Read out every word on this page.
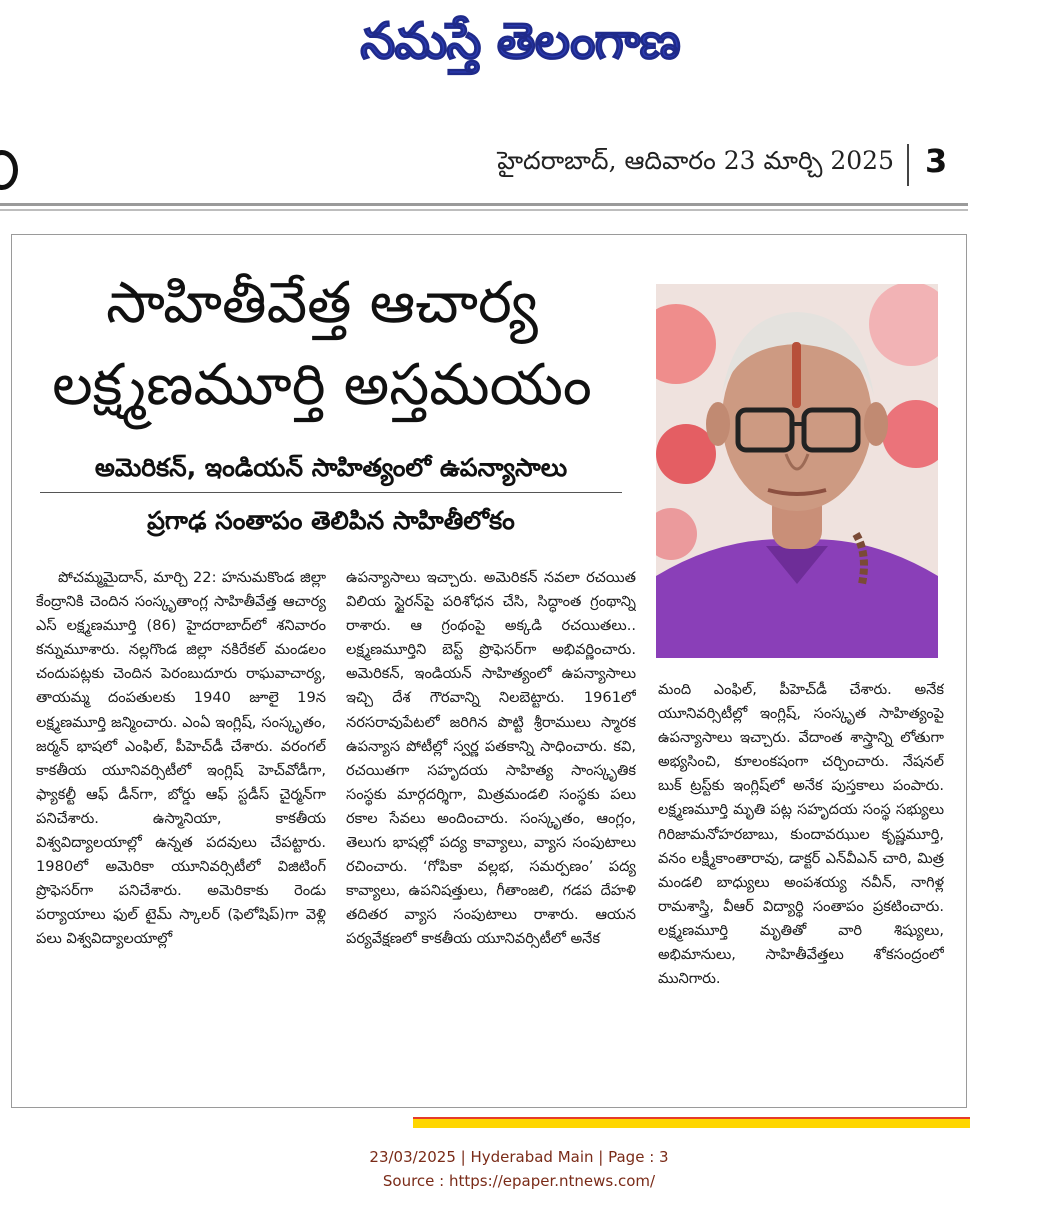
నమస్తే తెలంగాణ
హైదరాబాద్‌, ఆదివారం 23 మార్చి 2025 3
సాహితీవేత్త ఆచార్య
లక్ష్మణమూర్తి అస్తమయం
అమెరికన్‌, ఇండియన్‌ సాహిత్యంలో ఉపన్యాసాలు
ప్రగాఢ సంతాపం తెలిపిన సాహితీలోకం
పోచమ్మమైదాన్‌, మార్చి 22: హనుమకొండ జిల్లా కేంద్రానికి చెందిన సంస్కృతాంగ్ల సాహితీవేత్త ఆచార్య ఎస్‌ లక్ష్మణమూర్తి (86) హైదరాబాద్‌లో శనివారం కన్నుమూశారు. నల్లగొండ జిల్లా నకిరేకల్‌ మండలం చందుపట్లకు చెందిన పెరంబుదూరు రాఘవాచార్య, తాయమ్మ దంపతులకు 1940 జూలై 19న లక్ష్మణమూర్తి జన్మించారు. ఎంఏ ఇంగ్లిష్‌, సంస్కృతం, జర్మన్‌ భాషలో ఎంఫిల్‌, పీహెచ్‌డీ చేశారు. వరంగల్‌ కాకతీయ యూనివర్సిటీలో ఇంగ్లిష్‌ హెచ్‌వోడీగా, ఫ్యాకల్టీ ఆఫ్‌ డీన్‌గా, బోర్డు ఆఫ్‌ స్టడీస్‌ చైర్మన్‌గా పనిచేశారు. ఉస్మానియా, కాకతీయ విశ్వవిద్యాలయాల్లో ఉన్నత పదవులు చేపట్టారు. 1980లో అమెరికా యూనివర్సిటీలో విజిటింగ్‌ ప్రొఫెసర్‌గా పనిచేశారు. అమెరికాకు రెండు పర్యాయాలు ఫుల్‌ టైమ్‌ స్కాలర్‌ (ఫెలోషిప్‌)గా వెళ్లి పలు విశ్వవిద్యాలయాల్లో
ఉపన్యాసాలు ఇచ్చారు. అమెరికన్‌ నవలా రచయిత విలియ స్టైరన్‌పై పరిశోధన చేసి, సిద్ధాంత గ్రంథాన్ని రాశారు. ఆ గ్రంథంపై అక్కడి రచయితలు.. లక్ష్మణమూర్తిని బెస్ట్‌ ప్రొఫెసర్‌గా అభివర్ణించారు. అమెరికన్‌, ఇండియన్‌ సాహిత్యంలో ఉపన్యాసాలు ఇచ్చి దేశ గౌరవాన్ని నిలబెట్టారు. 1961లో నరసరావుపేటలో జరిగిన పొట్టి శ్రీరాములు స్మారక ఉపన్యాస పోటీల్లో స్వర్ణ పతకాన్ని సాధించారు. కవి, రచయితగా సహృదయ సాహిత్య సాంస్కృతిక సంస్థకు మార్గదర్శిగా, మిత్రమండలి సంస్థకు పలు రకాల సేవలు అందించారు. సంస్కృతం, ఆంగ్లం, తెలుగు భాషల్లో పద్య కావ్యాలు, వ్యాస సంపుటాలు రచించారు. ‘గోపికా వల్లభ, సమర్పణం’ పద్య కావ్యాలు, ఉపనిషత్తులు, గీతాంజలి, గడప దేహళి తదితర వ్యాస సంపుటాలు రాశారు. ఆయన పర్యవేక్షణలో కాకతీయ యూనివర్సిటీలో అనేక
మంది ఎంఫిల్‌, పీహెచ్‌డీ చేశారు. అనేక యూనివర్సిటీల్లో ఇంగ్లిష్‌, సంస్కృత సాహిత్యంపై ఉపన్యాసాలు ఇచ్చారు. వేదాంత శాస్త్రాన్ని లోతుగా అభ్యసించి, కూలంకషంగా చర్చించారు. నేషనల్‌ బుక్‌ ట్రస్ట్‌కు ఇంగ్లిష్‌లో అనేక పుస్తకాలు పంపారు. లక్ష్మణమూర్తి మృతి పట్ల సహృదయ సంస్థ సభ్యులు గిరిజామనోహరబాబు, కుందావఝుల కృష్ణమూర్తి, వనం లక్ష్మీకాంతారావు, డాక్టర్‌ ఎన్‌వీఎన్‌ చారి, మిత్ర మండలి బాధ్యులు అంపశయ్య నవీన్‌, నాగిళ్ల రామశాస్త్రి, వీఆర్‌ విద్యార్థి సంతాపం ప్రకటించారు. లక్ష్మణమూర్తి మృతితో వారి శిష్యులు, అభిమానులు, సాహితీవేత్తలు శోకసంద్రంలో మునిగారు.
23/03/2025 | Hyderabad Main | Page : 3
Source : https://epaper.ntnews.com/
